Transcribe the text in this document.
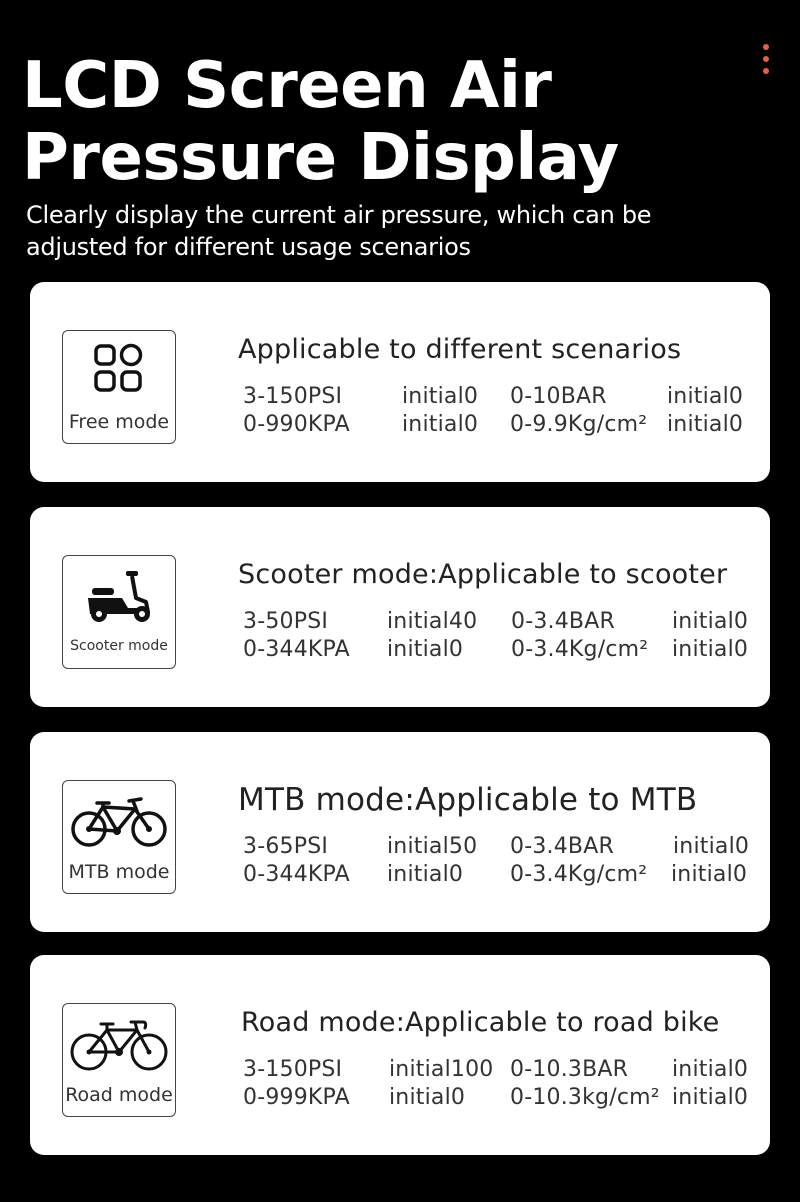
LCD Screen Air
Pressure Display

Clearly display the current air pressure, which can be
adjusted for different usage scenarios

Free mode
Applicable to different scenarios
3-150PSI	initial0 0-10BAR	initial0
0-990KPA initial0 0-9.9Kg/cm² initial0
Scooter mode
Scooter mode:Applicable to scooter
3-50PSI	initial40 0-3.4BAR	initial0
0-344KPA initial0 0-3.4Kg/cm² initial0
MTB mode
MTB mode:Applicable to MTB
3-65PSI	initial50 0-3.4BAR	initial0
0-344KPA initial0 0-3.4Kg/cm² initial0
Road mode
Road mode:Applicable to road bike
3-150PSI initial100 0-10.3BAR initial0
0-999KPA initial0 0-10.3kg/cm² initial0
